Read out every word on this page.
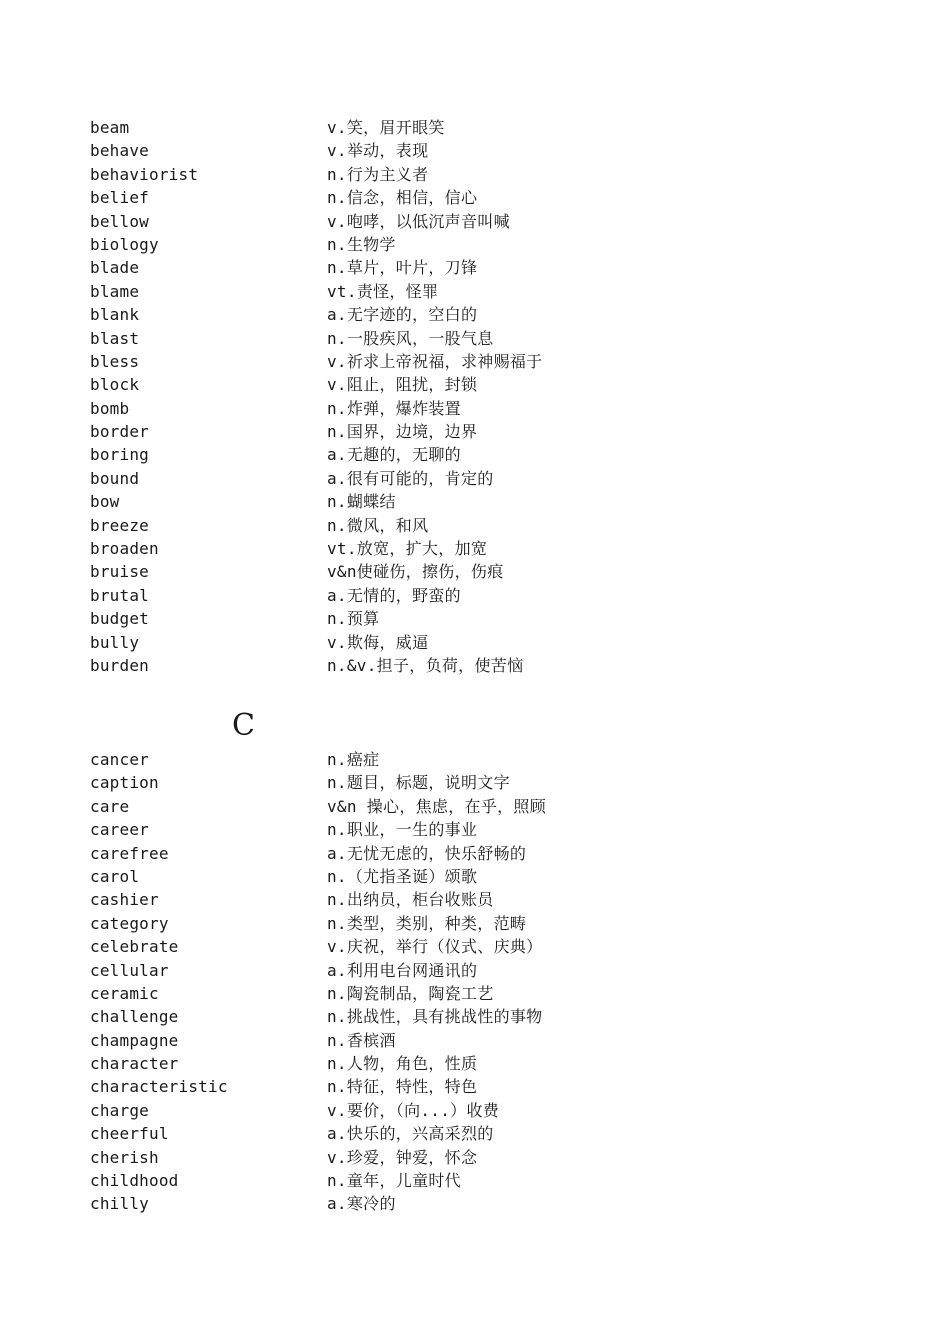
beam	v.笑，眉开眼笑
behave	v.举动，表现
behaviorist	n.行为主义者
belief	n.信念，相信，信心
bellow	v.咆哮，以低沉声音叫喊
biology	n.生物学
blade	n.草片，叶片，刀锋
blame	vt.责怪，怪罪
blank	a.无字迹的，空白的
blast	n.一股疾风，一股气息
bless	v.祈求上帝祝福，求神赐福于
block	v.阻止，阻扰，封锁
bomb	n.炸弹，爆炸装置
border	n.国界，边境，边界
boring	a.无趣的，无聊的
bound	a.很有可能的，肯定的
bow	n.蝴蝶结
breeze	n.微风，和风
broaden	vt.放宽，扩大，加宽
bruise	v&n使碰伤，擦伤，伤痕
brutal	a.无情的，野蛮的
budget	n.预算
bully	v.欺侮，威逼
burden	n.&v.担子，负荷，使苦恼
C
cancer	n.癌症
caption	n.题目，标题，说明文字
care	v&n 操心，焦虑，在乎，照顾
career	n.职业，一生的事业
carefree	a.无忧无虑的，快乐舒畅的
carol	n.（尤指圣诞）颂歌
cashier	n.出纳员，柜台收账员
category	n.类型，类别，种类，范畴
celebrate	v.庆祝，举行（仪式、庆典）
cellular	a.利用电台网通讯的
ceramic	n.陶瓷制品，陶瓷工艺
challenge	n.挑战性，具有挑战性的事物
champagne	n.香槟酒
character	n.人物，角色，性质
characteristic	n.特征，特性，特色
charge	v.要价，（向...）收费
cheerful	a.快乐的，兴高采烈的
cherish	v.珍爱，钟爱，怀念
childhood	n.童年，儿童时代
chilly	a.寒冷的
